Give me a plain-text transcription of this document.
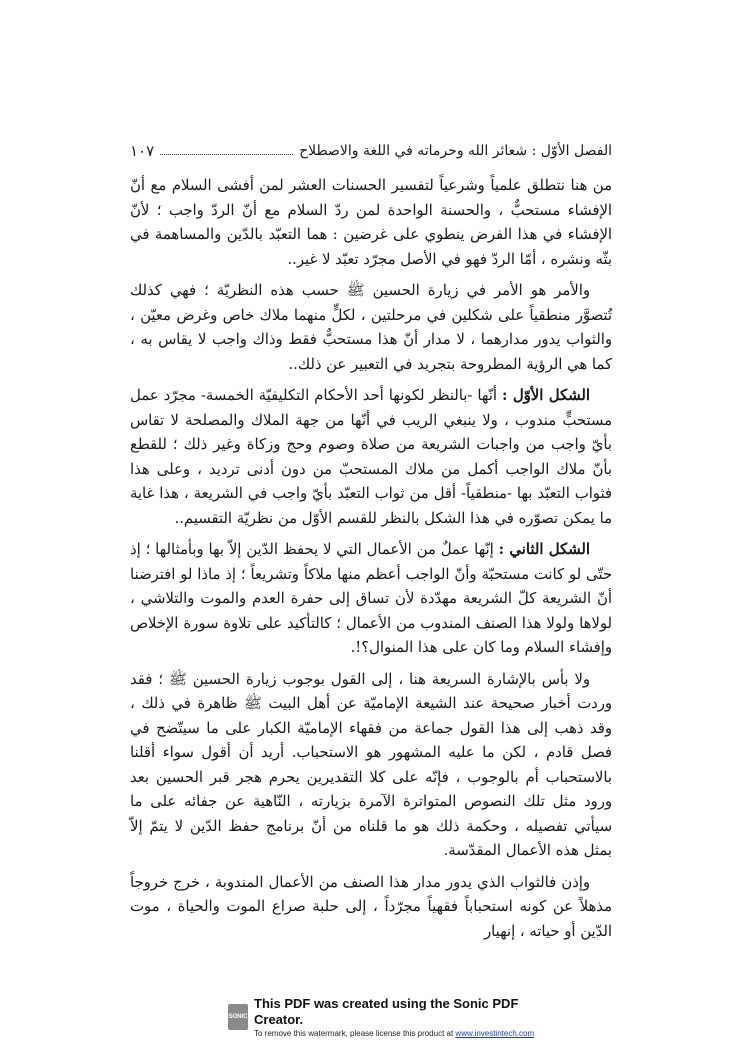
الفصل الأوّل : شعائر الله وحرماته في اللغة والاصطلاح
١٠٧

من هنا نتطلق علمياً وشرعياً لتفسير الحسنات العشر لمن أفشى السلام مع أنّ الإفشاء مستحبٌّ ، والحسنة الواحدة لمن ردّ السلام مع أنّ الردّ واجب ؛ لأنّ الإفشاء في هذا الفرض ينطوي على غرضين : هما التعبّد بالدّين والمساهمة في بثّه ونشره ، أمّا الردّ فهو في الأصل مجرّد تعبّد لا غير..

والأمر هو الأمر في زيارة الحسين ﷺ حسب هذه النظريّة ؛ فهي كذلك تُتصوَّر منطقياً على شكلين في مرحلتين ، لكلٍّ منهما ملاك خاص وغرض معيّن ، والثواب يدور مدارهما ، لا مدار أنّ هذا مستحبٌّ فقط وذاك واجب لا يقاس به ، كما هي الرؤية المطروحة بتجريد في التعبير عن ذلك..

الشكل الأوّل : أنّها -بالنظر لكونها أحد الأحكام التكليفيّة الخمسة- مجرّد عمل مستحبٍّ مندوب ، ولا ينبغي الريب في أنّها من جهة الملاك والمصلحة لا تقاس بأيّ واجب من واجبات الشريعة من صلاة وصوم وحج وزكاة وغير ذلك ؛ للقطع بأنّ ملاك الواجب أكمل من ملاك المستحبّ من دون أدنى ترديد ، وعلى هذا فثواب التعبّد بها -منطقياً- أقل من ثواب التعبّد بأيّ واجب في الشريعة ، هذا غاية ما يمكن تصوّره في هذا الشكل بالنظر للقسم الأوّل من نظريّة التقسيم..

الشكل الثاني : إنّها عملٌ من الأعمال التي لا يحفظ الدّين إلاّ بها وبأمثالها ؛ إذ حتّى لو كانت مستحبّة وأنّ الواجب أعظم منها ملاكاً وتشريعاً ؛ إذ ماذا لو افترضنا أنّ الشريعة كلّ الشريعة مهدّدة لأن تساق إلى حفرة العدم والموت والتلاشي ، لولاها ولولا هذا الصنف المندوب من الأعمال ؛ كالتأكيد على تلاوة سورة الإخلاص وإفشاء السلام وما كان على هذا المنوال؟!.

ولا بأس بالإشارة السريعة هنا ، إلى القول بوجوب زيارة الحسين ﷺ ؛ فقد وردت أخبار صحيحة عند الشيعة الإماميّة عن أهل البيت ﷺ ظاهرة في ذلك ، وقد ذهب إلى هذا القول جماعة من فقهاء الإماميّة الكبار على ما سيتّضح في فصل قادم ، لكن ما عليه المشهور هو الاستحباب. أريد أن أقول سواء أقلنا بالاستحباب أم بالوجوب ، فإنّه على كلا التقديرين يحرم هجر قبر الحسين بعد ورود مثل تلك النصوص المتواترة الآمرة بزيارته ، النّاهية عن جفائه على ما سيأتي تفصيله ، وحكمة ذلك هو ما قلناه من أنّ برنامج حفظ الدّين لا يتمّ إلاّ بمثل هذه الأعمال المقدّسة.

وإذن فالثواب الذي يدور مدار هذا الصنف من الأعمال المندوبة ، خرج خروجاً مذهلاً عن كونه استحباباً فقهياً مجرّداً ، إلى حلبة صراع الموت والحياة ، موت الدّين أو حياته ، إنهيار

SONIC PDF
This PDF was created using the Sonic PDF Creator.
To remove this watermark, please license this product at www.investintech.com
